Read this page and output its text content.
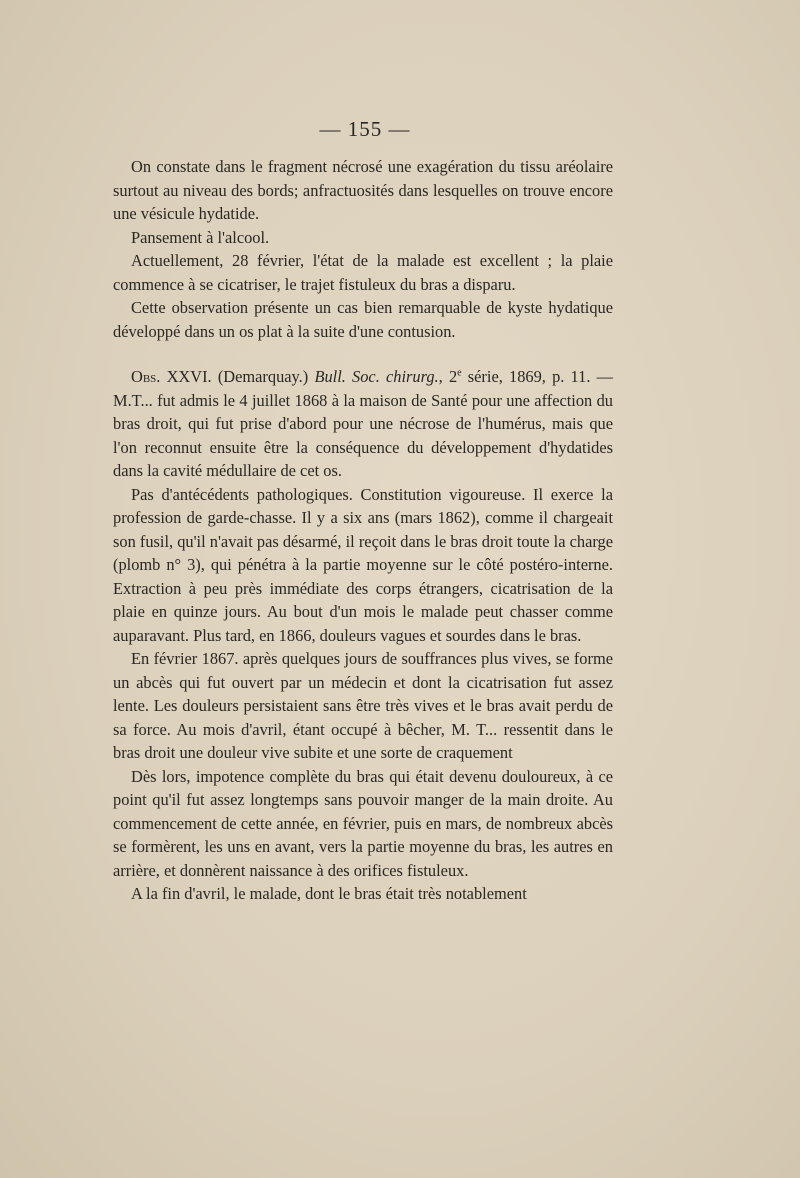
— 155 —

On constate dans le fragment nécrosé une exagération du tissu aréolaire surtout au niveau des bords; anfractuosités dans lesquelles on trouve encore une vésicule hydatide.

Pansement à l'alcool.

Actuellement, 28 février, l'état de la malade est excellent ; la plaie commence à se cicatriser, le trajet fistuleux du bras a disparu.

Cette observation présente un cas bien remarquable de kyste hydatique développé dans un os plat à la suite d'une contusion.

Obs. XXVI. (Demarquay.) Bull. Soc. chirurg., 2e série, 1869, p. 11. — M.T... fut admis le 4 juillet 1868 à la maison de Santé pour une affection du bras droit, qui fut prise d'abord pour une nécrose de l'humérus, mais que l'on reconnut ensuite être la conséquence du développement d'hydatides dans la cavité médullaire de cet os.

Pas d'antécédents pathologiques. Constitution vigoureuse. Il exerce la profession de garde-chasse. Il y a six ans (mars 1862), comme il chargeait son fusil, qu'il n'avait pas désarmé, il reçoit dans le bras droit toute la charge (plomb n° 3), qui pénétra à la partie moyenne sur le côté postéro-interne. Extraction à peu près immédiate des corps étrangers, cicatrisation de la plaie en quinze jours. Au bout d'un mois le malade peut chasser comme auparavant. Plus tard, en 1866, douleurs vagues et sourdes dans le bras.

En février 1867. après quelques jours de souffrances plus vives, se forme un abcès qui fut ouvert par un médecin et dont la cicatrisation fut assez lente. Les douleurs persistaient sans être très vives et le bras avait perdu de sa force. Au mois d'avril, étant occupé à bêcher, M. T... ressentit dans le bras droit une douleur vive subite et une sorte de craquement

Dès lors, impotence complète du bras qui était devenu douloureux, à ce point qu'il fut assez longtemps sans pouvoir manger de la main droite. Au commencement de cette année, en février, puis en mars, de nombreux abcès se formèrent, les uns en avant, vers la partie moyenne du bras, les autres en arrière, et donnèrent naissance à des orifices fistuleux.

A la fin d'avril, le malade, dont le bras était très notablement
